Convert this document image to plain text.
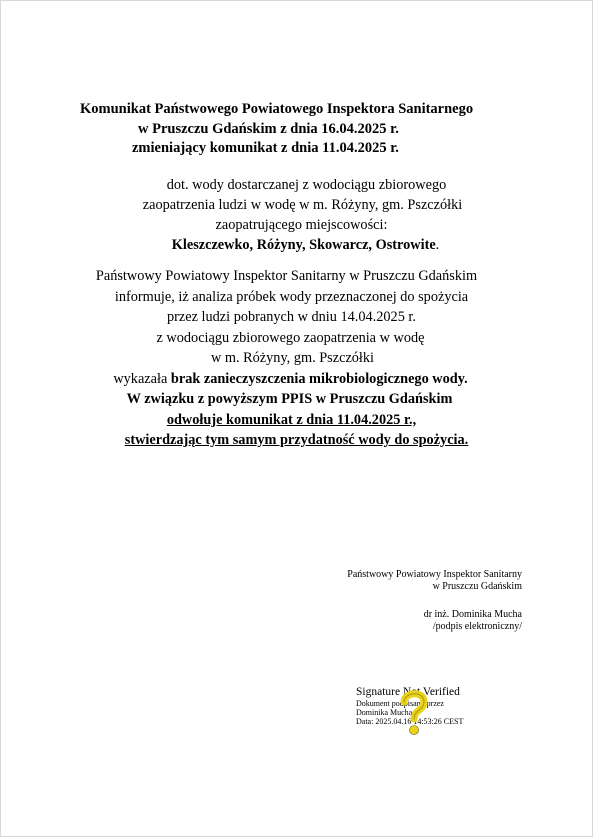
Komunikat Państwowego Powiatowego Inspektora Sanitarnego
w Pruszczu Gdańskim z dnia 16.04.2025 r.
zmieniający komunikat z dnia 11.04.2025 r.
dot. wody dostarczanej z wodociągu zbiorowego
zaopatrzenia ludzi w wodę w m. Różyny, gm. Pszczółki
zaopatrującego miejscowości:
Kleszczewko, Różyny, Skowarcz, Ostrowite.
Państwowy Powiatowy Inspektor Sanitarny w Pruszczu Gdańskim
informuje, iż analiza próbek wody przeznaczonej do spożycia
przez ludzi pobranych w dniu 14.04.2025 r.
z wodociągu zbiorowego zaopatrzenia w wodę
w m. Różyny, gm. Pszczółki
wykazała brak zanieczyszczenia mikrobiologicznego wody.
W związku z powyższym PPIS w Pruszczu Gdańskim
odwołuje komunikat z dnia 11.04.2025 r.,
stwierdzając tym samym przydatność wody do spożycia.
Państwowy Powiatowy Inspektor Sanitarny
w Pruszczu Gdańskim
dr inż. Dominika Mucha
/podpis elektroniczny/
Signature Not Verified
Dokument podpisany przez
Dominika Mucha
Data: 2025.04.16 14:53:26 CEST
